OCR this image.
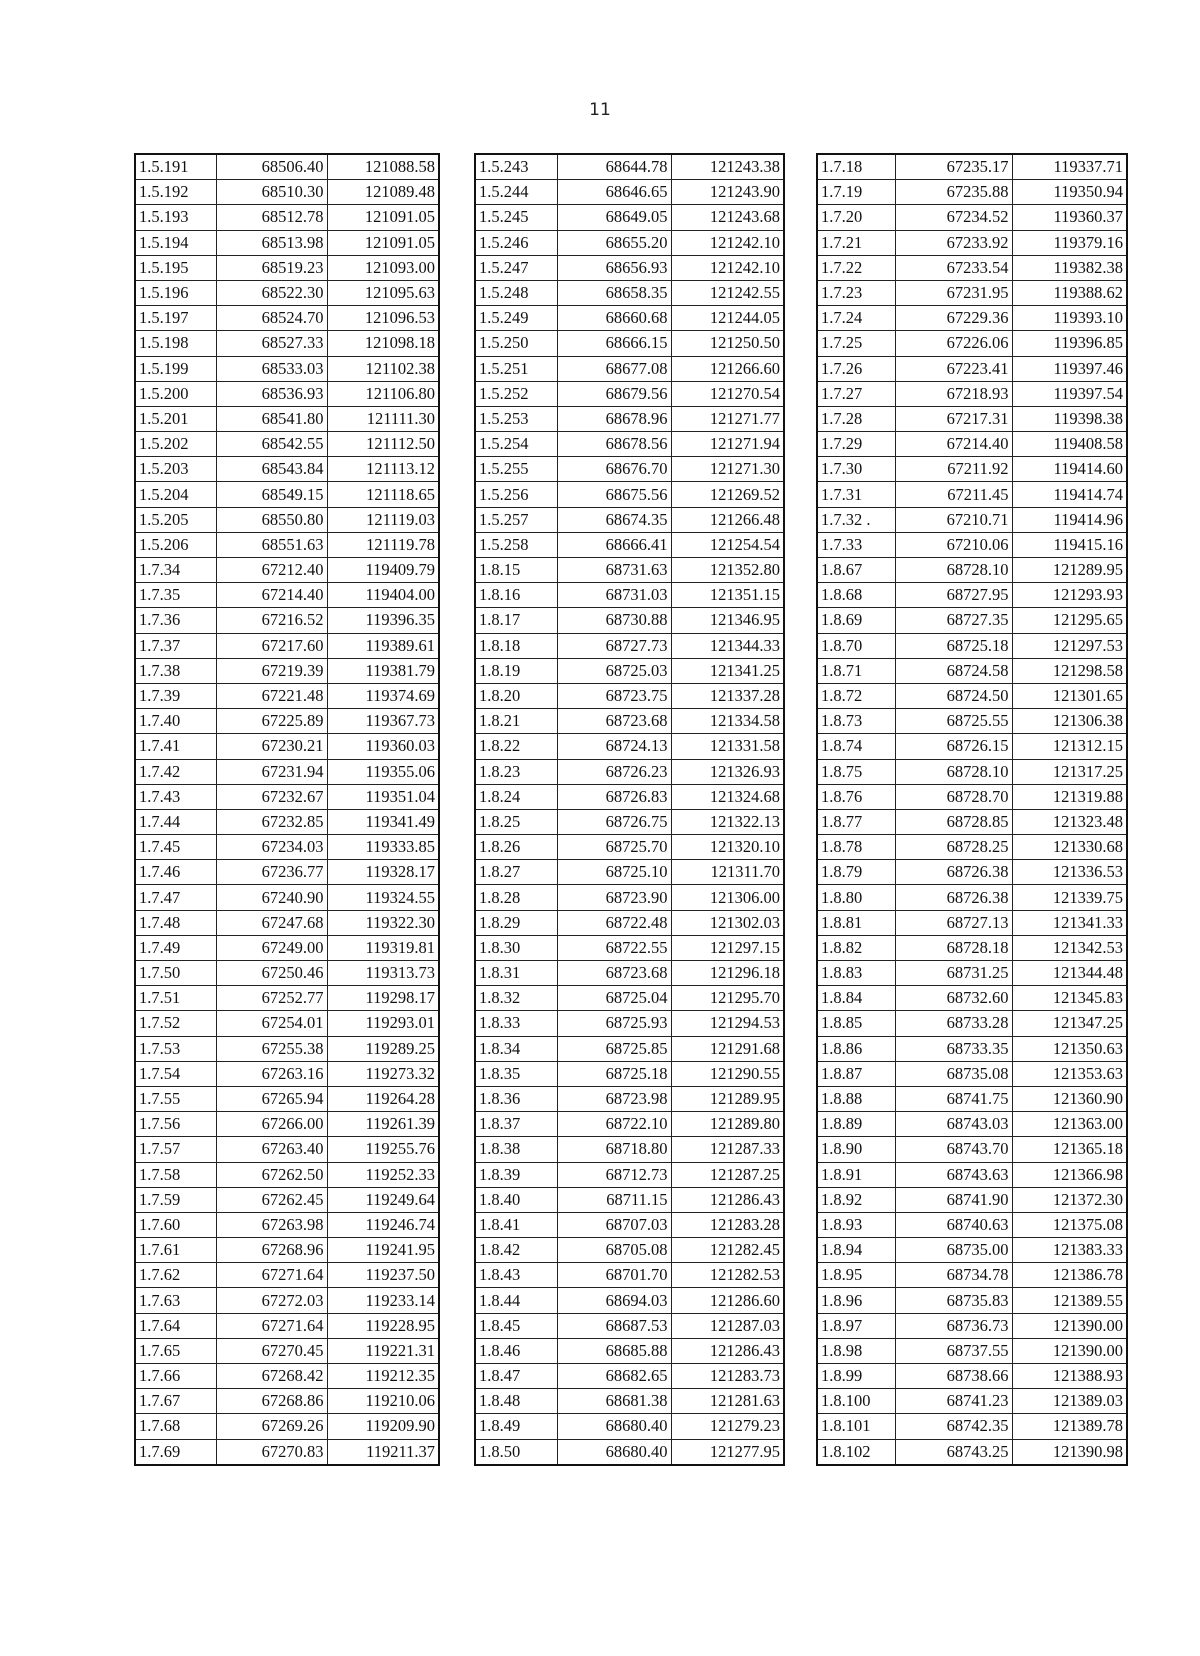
11
1.5.191	68506.40	121088.58
1.5.192	68510.30	121089.48
1.5.193	68512.78	121091.05
1.5.194	68513.98	121091.05
1.5.195	68519.23	121093.00
1.5.196	68522.30	121095.63
1.5.197	68524.70	121096.53
1.5.198	68527.33	121098.18
1.5.199	68533.03	121102.38
1.5.200	68536.93	121106.80
1.5.201	68541.80	121111.30
1.5.202	68542.55	121112.50
1.5.203	68543.84	121113.12
1.5.204	68549.15	121118.65
1.5.205	68550.80	121119.03
1.5.206	68551.63	121119.78
1.7.34	67212.40	119409.79
1.7.35	67214.40	119404.00
1.7.36	67216.52	119396.35
1.7.37	67217.60	119389.61
1.7.38	67219.39	119381.79
1.7.39	67221.48	119374.69
1.7.40	67225.89	119367.73
1.7.41	67230.21	119360.03
1.7.42	67231.94	119355.06
1.7.43	67232.67	119351.04
1.7.44	67232.85	119341.49
1.7.45	67234.03	119333.85
1.7.46	67236.77	119328.17
1.7.47	67240.90	119324.55
1.7.48	67247.68	119322.30
1.7.49	67249.00	119319.81
1.7.50	67250.46	119313.73
1.7.51	67252.77	119298.17
1.7.52	67254.01	119293.01
1.7.53	67255.38	119289.25
1.7.54	67263.16	119273.32
1.7.55	67265.94	119264.28
1.7.56	67266.00	119261.39
1.7.57	67263.40	119255.76
1.7.58	67262.50	119252.33
1.7.59	67262.45	119249.64
1.7.60	67263.98	119246.74
1.7.61	67268.96	119241.95
1.7.62	67271.64	119237.50
1.7.63	67272.03	119233.14
1.7.64	67271.64	119228.95
1.7.65	67270.45	119221.31
1.7.66	67268.42	119212.35
1.7.67	67268.86	119210.06
1.7.68	67269.26	119209.90
1.7.69	67270.83	119211.37
1.5.243	68644.78	121243.38
1.5.244	68646.65	121243.90
1.5.245	68649.05	121243.68
1.5.246	68655.20	121242.10
1.5.247	68656.93	121242.10
1.5.248	68658.35	121242.55
1.5.249	68660.68	121244.05
1.5.250	68666.15	121250.50
1.5.251	68677.08	121266.60
1.5.252	68679.56	121270.54
1.5.253	68678.96	121271.77
1.5.254	68678.56	121271.94
1.5.255	68676.70	121271.30
1.5.256	68675.56	121269.52
1.5.257	68674.35	121266.48
1.5.258	68666.41	121254.54
1.8.15	68731.63	121352.80
1.8.16	68731.03	121351.15
1.8.17	68730.88	121346.95
1.8.18	68727.73	121344.33
1.8.19	68725.03	121341.25
1.8.20	68723.75	121337.28
1.8.21	68723.68	121334.58
1.8.22	68724.13	121331.58
1.8.23	68726.23	121326.93
1.8.24	68726.83	121324.68
1.8.25	68726.75	121322.13
1.8.26	68725.70	121320.10
1.8.27	68725.10	121311.70
1.8.28	68723.90	121306.00
1.8.29	68722.48	121302.03
1.8.30	68722.55	121297.15
1.8.31	68723.68	121296.18
1.8.32	68725.04	121295.70
1.8.33	68725.93	121294.53
1.8.34	68725.85	121291.68
1.8.35	68725.18	121290.55
1.8.36	68723.98	121289.95
1.8.37	68722.10	121289.80
1.8.38	68718.80	121287.33
1.8.39	68712.73	121287.25
1.8.40	68711.15	121286.43
1.8.41	68707.03	121283.28
1.8.42	68705.08	121282.45
1.8.43	68701.70	121282.53
1.8.44	68694.03	121286.60
1.8.45	68687.53	121287.03
1.8.46	68685.88	121286.43
1.8.47	68682.65	121283.73
1.8.48	68681.38	121281.63
1.8.49	68680.40	121279.23
1.8.50	68680.40	121277.95
1.7.18	67235.17	119337.71
1.7.19	67235.88	119350.94
1.7.20	67234.52	119360.37
1.7.21	67233.92	119379.16
1.7.22	67233.54	119382.38
1.7.23	67231.95	119388.62
1.7.24	67229.36	119393.10
1.7.25	67226.06	119396.85
1.7.26	67223.41	119397.46
1.7.27	67218.93	119397.54
1.7.28	67217.31	119398.38
1.7.29	67214.40	119408.58
1.7.30	67211.92	119414.60
1.7.31	67211.45	119414.74
1.7.32 .	67210.71	119414.96
1.7.33	67210.06	119415.16
1.8.67	68728.10	121289.95
1.8.68	68727.95	121293.93
1.8.69	68727.35	121295.65
1.8.70	68725.18	121297.53
1.8.71	68724.58	121298.58
1.8.72	68724.50	121301.65
1.8.73	68725.55	121306.38
1.8.74	68726.15	121312.15
1.8.75	68728.10	121317.25
1.8.76	68728.70	121319.88
1.8.77	68728.85	121323.48
1.8.78	68728.25	121330.68
1.8.79	68726.38	121336.53
1.8.80	68726.38	121339.75
1.8.81	68727.13	121341.33
1.8.82	68728.18	121342.53
1.8.83	68731.25	121344.48
1.8.84	68732.60	121345.83
1.8.85	68733.28	121347.25
1.8.86	68733.35	121350.63
1.8.87	68735.08	121353.63
1.8.88	68741.75	121360.90
1.8.89	68743.03	121363.00
1.8.90	68743.70	121365.18
1.8.91	68743.63	121366.98
1.8.92	68741.90	121372.30
1.8.93	68740.63	121375.08
1.8.94	68735.00	121383.33
1.8.95	68734.78	121386.78
1.8.96	68735.83	121389.55
1.8.97	68736.73	121390.00
1.8.98	68737.55	121390.00
1.8.99	68738.66	121388.93
1.8.100	68741.23	121389.03
1.8.101	68742.35	121389.78
1.8.102	68743.25	121390.98
